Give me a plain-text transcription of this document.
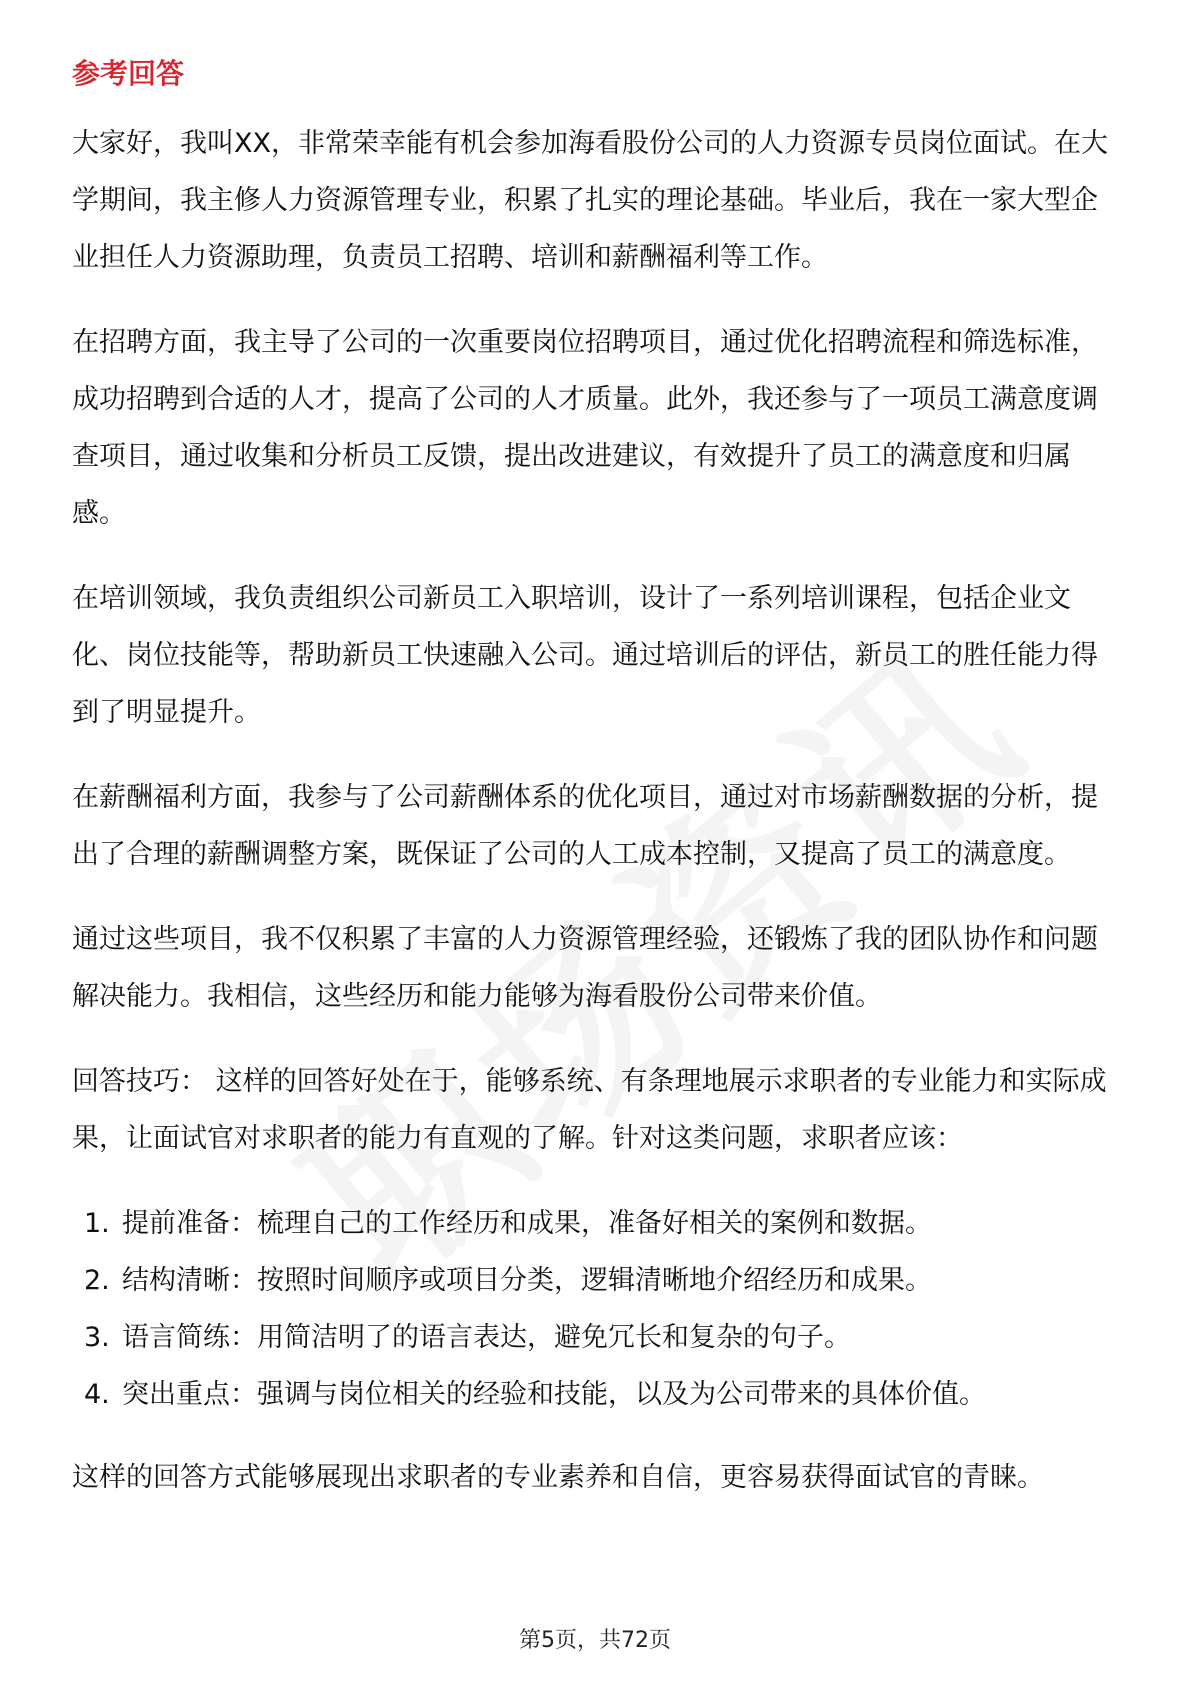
参考回答

大家好，我叫XX，非常荣幸能有机会参加海看股份公司的人力资源专员岗位面试。在大学期间，我主修人力资源管理专业，积累了扎实的理论基础。毕业后，我在一家大型企业担任人力资源助理，负责员工招聘、培训和薪酬福利等工作。

在招聘方面，我主导了公司的一次重要岗位招聘项目，通过优化招聘流程和筛选标准，成功招聘到合适的人才，提高了公司的人才质量。此外，我还参与了一项员工满意度调查项目，通过收集和分析员工反馈，提出改进建议，有效提升了员工的满意度和归属感。

在培训领域，我负责组织公司新员工入职培训，设计了一系列培训课程，包括企业文化、岗位技能等，帮助新员工快速融入公司。通过培训后的评估，新员工的胜任能力得到了明显提升。

在薪酬福利方面，我参与了公司薪酬体系的优化项目，通过对市场薪酬数据的分析，提出了合理的薪酬调整方案，既保证了公司的人工成本控制，又提高了员工的满意度。

通过这些项目，我不仅积累了丰富的人力资源管理经验，还锻炼了我的团队协作和问题解决能力。我相信，这些经历和能力能够为海看股份公司带来价值。

回答技巧： 这样的回答好处在于，能够系统、有条理地展示求职者的专业能力和实际成果，让面试官对求职者的能力有直观的了解。针对这类问题，求职者应该：

1. 提前准备：梳理自己的工作经历和成果，准备好相关的案例和数据。
2. 结构清晰：按照时间顺序或项目分类，逻辑清晰地介绍经历和成果。
3. 语言简练：用简洁明了的语言表达，避免冗长和复杂的句子。
4. 突出重点：强调与岗位相关的经验和技能，以及为公司带来的具体价值。

这样的回答方式能够展现出求职者的专业素养和自信，更容易获得面试官的青睐。

第5页，共72页
